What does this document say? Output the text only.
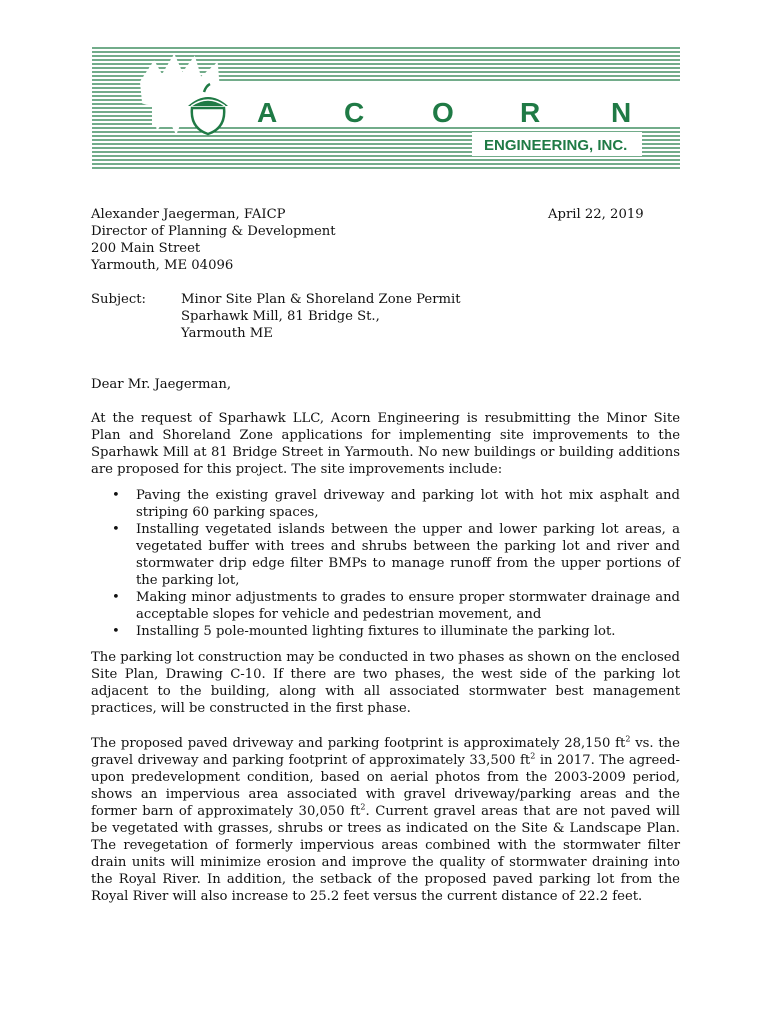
A C O R	N
ENGINEERING, INC.
Alexander Jaegerman, FAICP
Director of Planning & Development
200 Main Street
Yarmouth, ME 04096
April 22, 2019
Subject:	Minor Site Plan & Shoreland Zone Permit
Sparhawk Mill, 81 Bridge St.,
Yarmouth ME
Dear Mr. Jaegerman,

At the request of Sparhawk LLC, Acorn Engineering is resubmitting the Minor Site Plan and Shoreland Zone applications for implementing site improvements to the Sparhawk Mill at 81 Bridge Street in Yarmouth. No new buildings or building additions are proposed for this project. The site improvements include:

• Paving the existing gravel driveway and parking lot with hot mix asphalt and striping 60 parking spaces,
• Installing vegetated islands between the upper and lower parking lot areas, a vegetated buffer with trees and shrubs between the parking lot and river and stormwater drip edge filter BMPs to manage runoff from the upper portions of the parking lot,
• Making minor adjustments to grades to ensure proper stormwater drainage and acceptable slopes for vehicle and pedestrian movement, and
• Installing 5 pole-mounted lighting fixtures to illuminate the parking lot.

The parking lot construction may be conducted in two phases as shown on the enclosed Site Plan, Drawing C-10. If there are two phases, the west side of the parking lot adjacent to the building, along with all associated stormwater best management practices, will be constructed in the first phase.

The proposed paved driveway and parking footprint is approximately 28,150 $ft^2$ vs. the gravel driveway and parking footprint of approximately 33,500 $ft^2$ in 2017. The agreed-upon predevelopment condition, based on aerial photos from the 2003-2009 period, shows an impervious area associated with gravel driveway/parking areas and the former barn of approximately 30,050 $ft^2$. Current gravel areas that are not paved will be vegetated with grasses, shrubs or trees as indicated on the Site & Landscape Plan. The revegetation of formerly impervious areas combined with the stormwater filter drain units will minimize erosion and improve the quality of stormwater draining into the Royal River. In addition, the setback of the proposed paved parking lot from the Royal River will also increase to 25.2 feet versus the current distance of 22.2 feet.
